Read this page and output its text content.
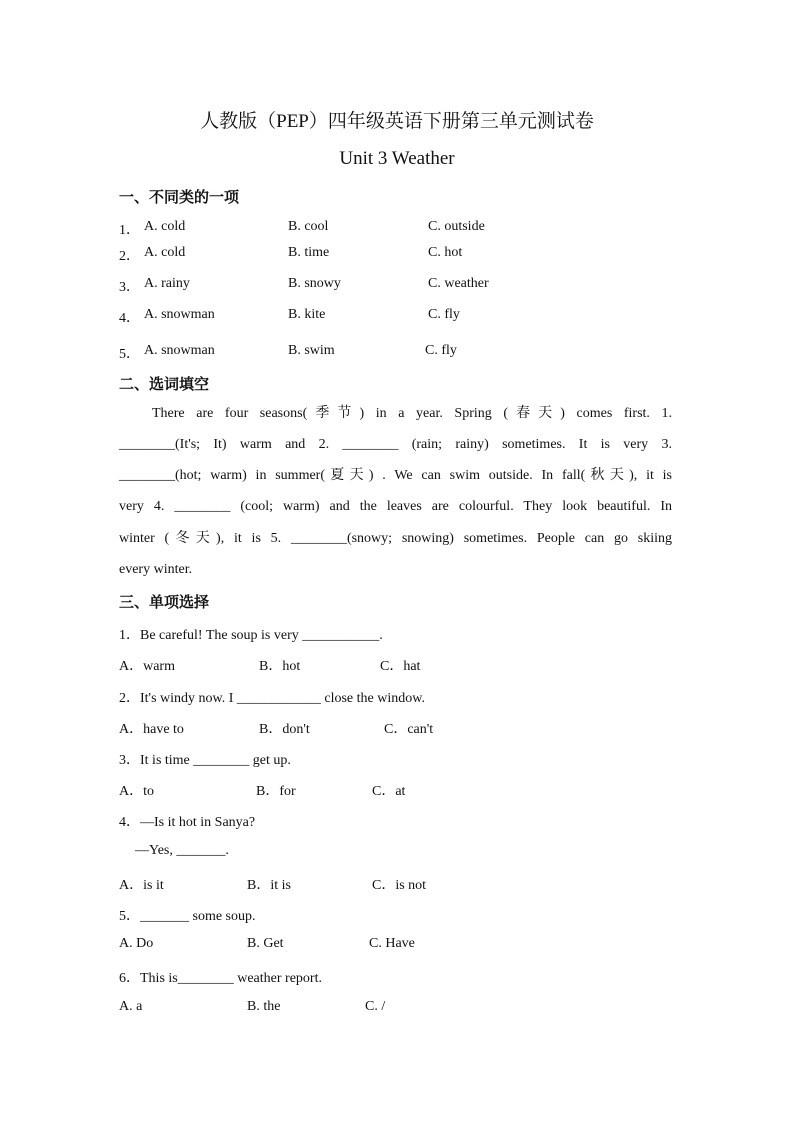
人教版（PEP）四年级英语下册第三单元测试卷
Unit 3 Weather
一、不同类的一项
1． A. cold	B. cool	C. outside
2． A. cold	B. time	C. hot
3． A. rainy	B. snowy	C. weather
4． A. snowman	B. kite	C. fly
5． A. snowman	B. swim	C. fly
二、选词填空
There are four seasons(季节) in a year. Spring (春天) comes first. 1.
________(It's; It) warm and 2. ________ (rain; rainy) sometimes. It is very 3.
________(hot; warm) in summer(夏天) . We can swim outside. In fall(秋天), it is
very 4. ________ (cool; warm) and the leaves are colourful. They look beautiful. In
winter (冬天), it is 5. ________(snowy; snowing) sometimes. People can go skiing
every winter.
三、单项选择
1．Be careful! The soup is very ___________.
A．warm	B．hot	C．hat
2．It's windy now. I ____________ close the window.
A．have to	B．don't	C．can't
3．It is time ________ get up.
A．to	B．for	C．at
4．—Is it hot in Sanya?
—Yes, _______.
A．is it	B．it is	C．is not
5．_______ some soup.
A. Do	B. Get	C. Have
6．This is________ weather report.
A. a	B. the	C. /
